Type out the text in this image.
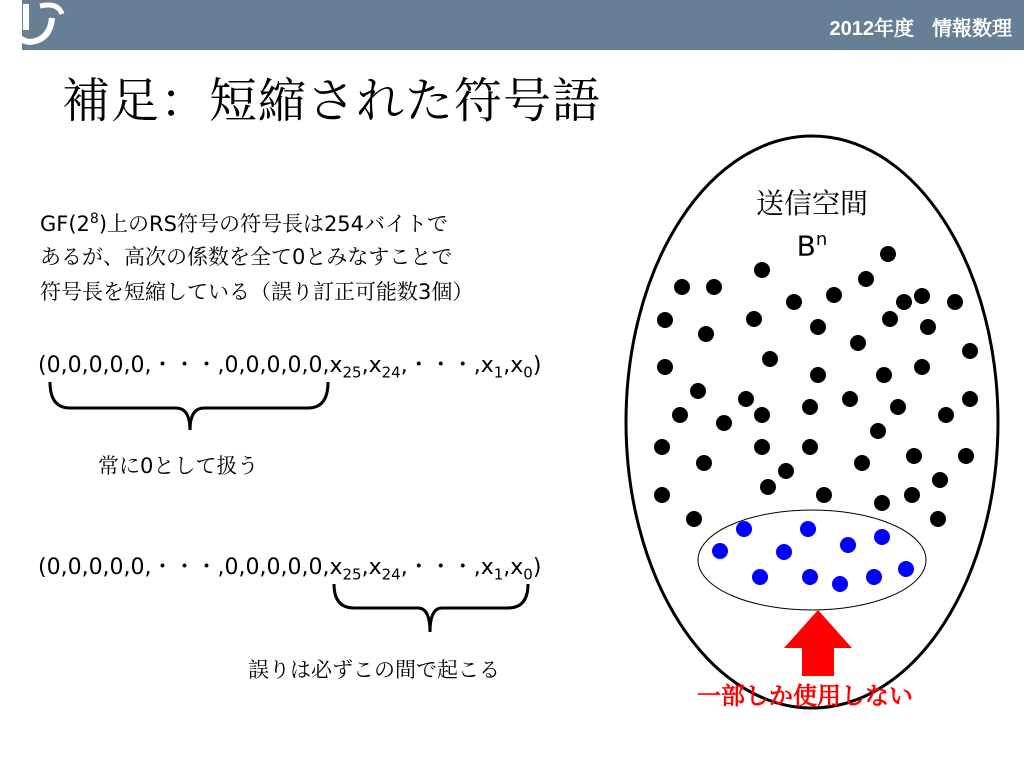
2012年度 情報数理
補足：短縮された符号語
$GF(2^8)$上のRS符号の符号長は254バイトで
あるが、高次の係数を全て0とみなすことで
符号長を短縮している（誤り訂正可能数3個）
(0,0,0,0,0,・・・$,0,0,0,0,0,x_{25},x_{24}$,・・・$,x_1,x_0$)
常に0として扱う
(0,0,0,0,0,・・・$,0,0,0,0,0,x_{25},x_{24}$,・・・$,x_1,x_0$)
誤りは必ずこの間で起こる
送信空間
$B^n$
一部しか使用しない
